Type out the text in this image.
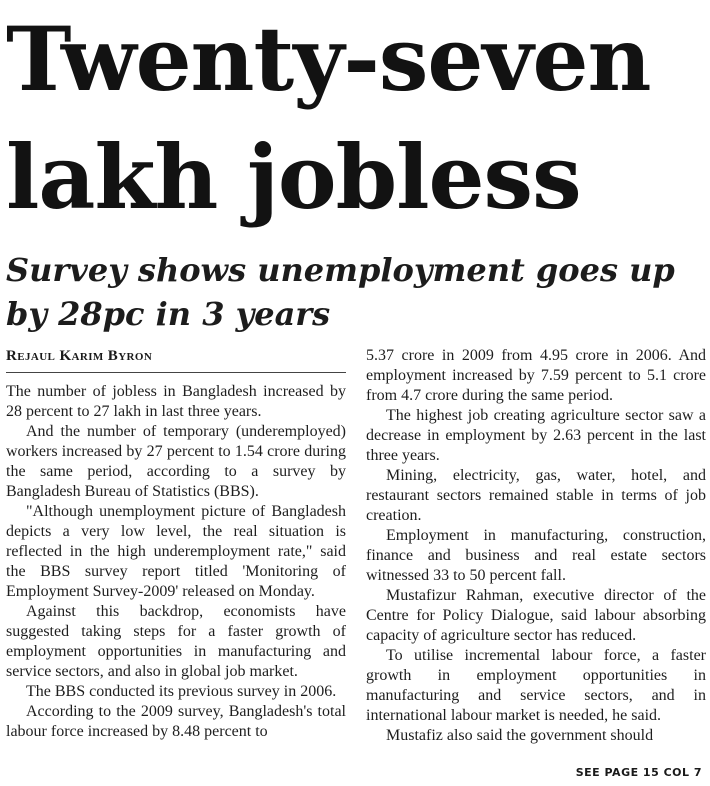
Twenty-seven lakh jobless
Survey shows unemployment goes up by 28pc in 3 years
Rejaul Karim Byron

The number of jobless in Bangladesh increased by 28 percent to 27 lakh in last three years.

And the number of temporary (underemployed) workers increased by 27 percent to 1.54 crore during the same period, according to a survey by Bangladesh Bureau of Statistics (BBS).

"Although unemployment picture of Bangladesh depicts a very low level, the real situation is reflected in the high underemployment rate," said the BBS survey report titled 'Monitoring of Employment Survey-2009' released on Monday.

Against this backdrop, economists have suggested taking steps for a faster growth of employment opportunities in manufacturing and service sectors, and also in global job market.

The BBS conducted its previous survey in 2006.

According to the 2009 survey, Bangladesh's total labour force increased by 8.48 percent to

5.37 crore in 2009 from 4.95 crore in 2006. And employment increased by 7.59 percent to 5.1 crore from 4.7 crore during the same period.

The highest job creating agriculture sector saw a decrease in employment by 2.63 percent in the last three years.

Mining, electricity, gas, water, hotel, and restaurant sectors remained stable in terms of job creation.

Employment in manufacturing, construction, finance and business and real estate sectors witnessed 33 to 50 percent fall.

Mustafizur Rahman, executive director of the Centre for Policy Dialogue, said labour absorbing capacity of agriculture sector has reduced.

To utilise incremental labour force, a faster growth in employment opportunities in manufacturing and service sectors, and in international labour market is needed, he said.

Mustafiz also said the government should

SEE PAGE 15 COL 7
